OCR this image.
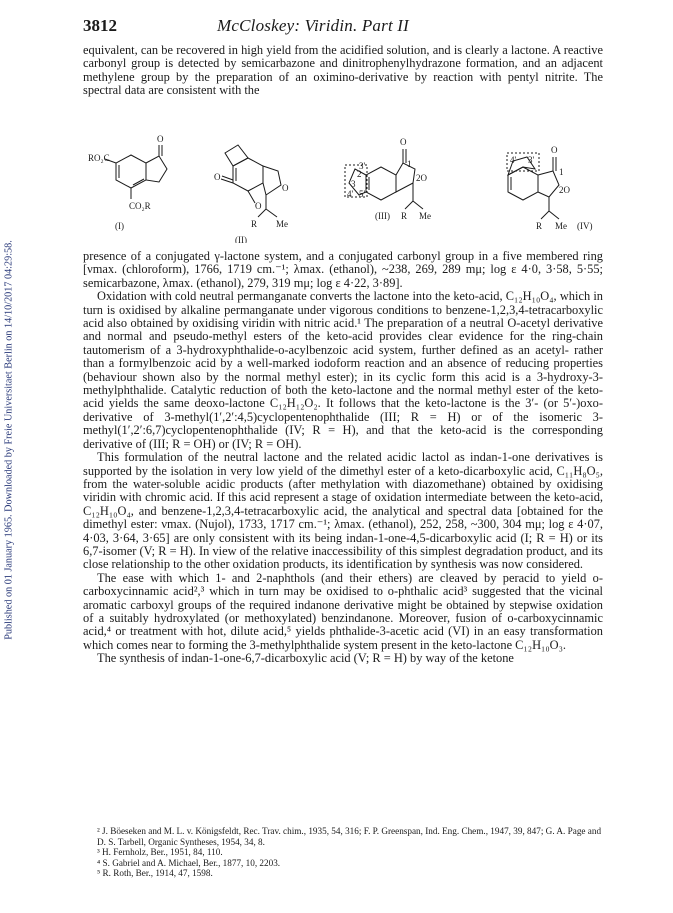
Published on 01 January 1965. Downloaded by Freie Universitaet Berlin on 14/10/2017 04:29:58.
3812	McCloskey: Viridin. Part II

equivalent, can be recovered in high yield from the acidified solution, and is clearly a lactone. A reactive carbonyl group is detected by semicarbazone and dinitrophenylhydrazone formation, and an adjacent methylene group by the preparation of an oximino-derivative by reaction with pentyl nitrite. The spectral data are consistent with the

RO₂C
CO₂R
O
(I)
O
O
O
R Me
(II)
O
1
2
3
4' 5'
3'
2O
R Me
(III)
4' 3'
O
1
2O
R Me (IV)

presence of a conjugated γ-lactone system, and a conjugated carbonyl group in a five membered ring [νmax. (chloroform), 1766, 1719 cm.⁻¹; λmax. (ethanol), ~238, 269, 289 mμ; log ε 4·0, 3·58, 5·55; semicarbazone, λmax. (ethanol), 279, 319 mμ; log ε 4·22, 3·89].

Oxidation with cold neutral permanganate converts the lactone into the keto-acid, C₁₂H₁₀O₄, which in turn is oxidised by alkaline permanganate under vigorous conditions to benzene-1,2,3,4-tetracarboxylic acid also obtained by oxidising viridin with nitric acid.¹ The preparation of a neutral O-acetyl derivative and normal and pseudo-methyl esters of the keto-acid provides clear evidence for the ring-chain tautomerism of a 3-hydroxyphthalide-o-acylbenzoic acid system, further defined as an acetyl- rather than a formylbenzoic acid by a well-marked iodoform reaction and an absence of reducing properties (behaviour shown also by the normal methyl ester); in its cyclic form this acid is a 3-hydroxy-3-methylphthalide. Catalytic reduction of both the keto-lactone and the normal methyl ester of the keto-acid yields the same deoxo-lactone C₁₂H₁₂O₂. It follows that the keto-lactone is the 3′- (or 5′-)oxo-derivative of 3-methyl(1′,2′:4,5)cyclopentenophthalide (III; R = H) or of the isomeric 3-methyl(1′,2′:6,7)cyclopentenophthalide (IV; R = H), and that the keto-acid is the corresponding derivative of (III; R = OH) or (IV; R = OH).

This formulation of the neutral lactone and the related acidic lactol as indan-1-one derivatives is supported by the isolation in very low yield of the dimethyl ester of a keto-dicarboxylic acid, C₁₁H₈O₅, from the water-soluble acidic products (after methylation with diazomethane) obtained by oxidising viridin with chromic acid. If this acid represent a stage of oxidation intermediate between the keto-acid, C₁₂H₁₀O₄, and benzene-1,2,3,4-tetracarboxylic acid, the analytical and spectral data [obtained for the dimethyl ester: νmax. (Nujol), 1733, 1717 cm.⁻¹; λmax. (ethanol), 252, 258, ~300, 304 mμ; log ε 4·07, 4·03, 3·64, 3·65] are only consistent with its being indan-1-one-4,5-dicarboxylic acid (I; R = H) or its 6,7-isomer (V; R = H). In view of the relative inaccessibility of this simplest degradation product, and its close relationship to the other oxidation products, its identification by synthesis was now considered.

The ease with which 1- and 2-naphthols (and their ethers) are cleaved by peracid to yield o-carboxycinnamic acid²,³ which in turn may be oxidised to o-phthalic acid³ suggested that the vicinal aromatic carboxyl groups of the required indanone derivative might be obtained by stepwise oxidation of a suitably hydroxylated (or methoxylated) benzindanone. Moreover, fusion of o-carboxycinnamic acid,⁴ or treatment with hot, dilute acid,⁵ yields phthalide-3-acetic acid (VI) in an easy transformation which comes near to forming the 3-methylphthalide system present in the keto-lactone C₁₂H₁₀O₃.

The synthesis of indan-1-one-6,7-dicarboxylic acid (V; R = H) by way of the ketone

² J. Böeseken and M. L. v. Königsfeldt, Rec. Trav. chim., 1935, 54, 316; F. P. Greenspan, Ind. Eng. Chem., 1947, 39, 847; G. A. Page and D. S. Tarbell, Organic Syntheses, 1954, 34, 8.

³ H. Fernholz, Ber., 1951, 84, 110.

⁴ S. Gabriel and A. Michael, Ber., 1877, 10, 2203.

⁵ R. Roth, Ber., 1914, 47, 1598.
